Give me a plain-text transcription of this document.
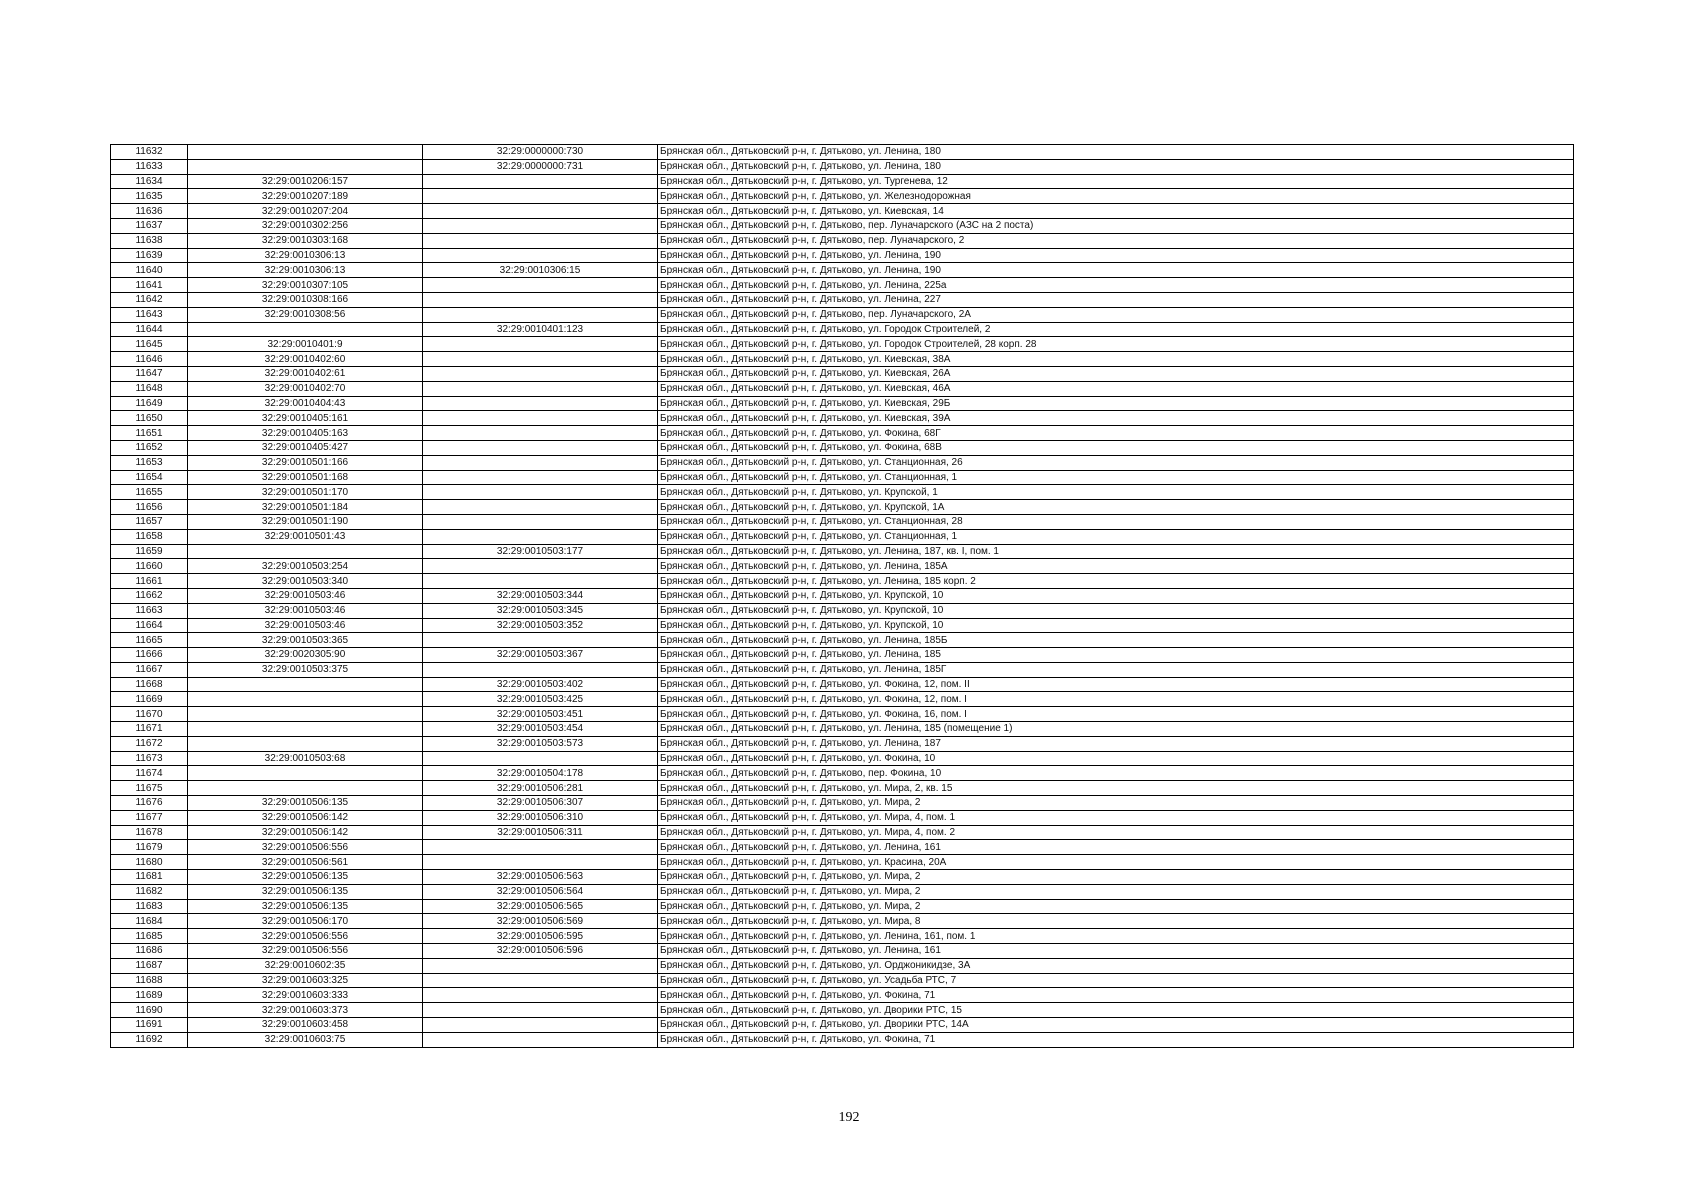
11632		32:29:0000000:730	Брянская обл., Дятьковский р-н, г. Дятьково, ул. Ленина, 180
11633		32:29:0000000:731	Брянская обл., Дятьковский р-н, г. Дятьково, ул. Ленина, 180
11634	32:29:0010206:157		Брянская обл., Дятьковский р-н, г. Дятьково, ул. Тургенева, 12
11635	32:29:0010207:189		Брянская обл., Дятьковский р-н, г. Дятьково, ул. Железнодорожная
11636	32:29:0010207:204		Брянская обл., Дятьковский р-н, г. Дятьково, ул. Киевская, 14
11637	32:29:0010302:256		Брянская обл., Дятьковский р-н, г. Дятьково, пер. Луначарского (АЗС на 2 поста)
11638	32:29:0010303:168		Брянская обл., Дятьковский р-н, г. Дятьково, пер. Луначарского, 2
11639	32:29:0010306:13		Брянская обл., Дятьковский р-н, г. Дятьково, ул. Ленина, 190
11640	32:29:0010306:13	32:29:0010306:15	Брянская обл., Дятьковский р-н, г. Дятьково, ул. Ленина, 190
11641	32:29:0010307:105		Брянская обл., Дятьковский р-н, г. Дятьково, ул. Ленина, 225а
11642	32:29:0010308:166		Брянская обл., Дятьковский р-н, г. Дятьково, ул. Ленина, 227
11643	32:29:0010308:56		Брянская обл., Дятьковский р-н, г. Дятьково, пер. Луначарского, 2А
11644		32:29:0010401:123	Брянская обл., Дятьковский р-н, г. Дятьково, ул. Городок Строителей, 2
11645	32:29:0010401:9		Брянская обл., Дятьковский р-н, г. Дятьково, ул. Городок Строителей, 28 корп. 28
11646	32:29:0010402:60		Брянская обл., Дятьковский р-н, г. Дятьково, ул. Киевская, 38А
11647	32:29:0010402:61		Брянская обл., Дятьковский р-н, г. Дятьково, ул. Киевская, 26А
11648	32:29:0010402:70		Брянская обл., Дятьковский р-н, г. Дятьково, ул. Киевская, 46А
11649	32:29:0010404:43		Брянская обл., Дятьковский р-н, г. Дятьково, ул. Киевская, 29Б
11650	32:29:0010405:161		Брянская обл., Дятьковский р-н, г. Дятьково, ул. Киевская, 39А
11651	32:29:0010405:163		Брянская обл., Дятьковский р-н, г. Дятьково, ул. Фокина, 68Г
11652	32:29:0010405:427		Брянская обл., Дятьковский р-н, г. Дятьково, ул. Фокина, 68В
11653	32:29:0010501:166		Брянская обл., Дятьковский р-н, г. Дятьково, ул. Станционная, 26
11654	32:29:0010501:168		Брянская обл., Дятьковский р-н, г. Дятьково, ул. Станционная, 1
11655	32:29:0010501:170		Брянская обл., Дятьковский р-н, г. Дятьково, ул. Крупской, 1
11656	32:29:0010501:184		Брянская обл., Дятьковский р-н, г. Дятьково, ул. Крупской, 1А
11657	32:29:0010501:190		Брянская обл., Дятьковский р-н, г. Дятьково, ул. Станционная, 28
11658	32:29:0010501:43		Брянская обл., Дятьковский р-н, г. Дятьково, ул. Станционная, 1
11659		32:29:0010503:177	Брянская обл., Дятьковский р-н, г. Дятьково, ул. Ленина, 187, кв. I, пом. 1
11660	32:29:0010503:254		Брянская обл., Дятьковский р-н, г. Дятьково, ул. Ленина, 185А
11661	32:29:0010503:340		Брянская обл., Дятьковский р-н, г. Дятьково, ул. Ленина, 185 корп. 2
11662	32:29:0010503:46	32:29:0010503:344	Брянская обл., Дятьковский р-н, г. Дятьково, ул. Крупской, 10
11663	32:29:0010503:46	32:29:0010503:345	Брянская обл., Дятьковский р-н, г. Дятьково, ул. Крупской, 10
11664	32:29:0010503:46	32:29:0010503:352	Брянская обл., Дятьковский р-н, г. Дятьково, ул. Крупской, 10
11665	32:29:0010503:365		Брянская обл., Дятьковский р-н, г. Дятьково, ул. Ленина, 185Б
11666	32:29:0020305:90	32:29:0010503:367	Брянская обл., Дятьковский р-н, г. Дятьково, ул. Ленина, 185
11667	32:29:0010503:375		Брянская обл., Дятьковский р-н, г. Дятьково, ул. Ленина, 185Г
11668		32:29:0010503:402	Брянская обл., Дятьковский р-н, г. Дятьково, ул. Фокина, 12, пом. II
11669		32:29:0010503:425	Брянская обл., Дятьковский р-н, г. Дятьково, ул. Фокина, 12, пом. I
11670		32:29:0010503:451	Брянская обл., Дятьковский р-н, г. Дятьково, ул. Фокина, 16, пом. I
11671		32:29:0010503:454	Брянская обл., Дятьковский р-н, г. Дятьково, ул. Ленина, 185 (помещение 1)
11672		32:29:0010503:573	Брянская обл., Дятьковский р-н, г. Дятьково, ул. Ленина, 187
11673	32:29:0010503:68		Брянская обл., Дятьковский р-н, г. Дятьково, ул. Фокина, 10
11674		32:29:0010504:178	Брянская обл., Дятьковский р-н, г. Дятьково, пер. Фокина, 10
11675		32:29:0010506:281	Брянская обл., Дятьковский р-н, г. Дятьково, ул. Мира, 2, кв. 15
11676	32:29:0010506:135	32:29:0010506:307	Брянская обл., Дятьковский р-н, г. Дятьково, ул. Мира, 2
11677	32:29:0010506:142	32:29:0010506:310	Брянская обл., Дятьковский р-н, г. Дятьково, ул. Мира, 4, пом. 1
11678	32:29:0010506:142	32:29:0010506:311	Брянская обл., Дятьковский р-н, г. Дятьково, ул. Мира, 4, пом. 2
11679	32:29:0010506:556		Брянская обл., Дятьковский р-н, г. Дятьково, ул. Ленина, 161
11680	32:29:0010506:561		Брянская обл., Дятьковский р-н, г. Дятьково, ул. Красина, 20А
11681	32:29:0010506:135	32:29:0010506:563	Брянская обл., Дятьковский р-н, г. Дятьково, ул. Мира, 2
11682	32:29:0010506:135	32:29:0010506:564	Брянская обл., Дятьковский р-н, г. Дятьково, ул. Мира, 2
11683	32:29:0010506:135	32:29:0010506:565	Брянская обл., Дятьковский р-н, г. Дятьково, ул. Мира, 2
11684	32:29:0010506:170	32:29:0010506:569	Брянская обл., Дятьковский р-н, г. Дятьково, ул. Мира, 8
11685	32:29:0010506:556	32:29:0010506:595	Брянская обл., Дятьковский р-н, г. Дятьково, ул. Ленина, 161, пом. 1
11686	32:29:0010506:556	32:29:0010506:596	Брянская обл., Дятьковский р-н, г. Дятьково, ул. Ленина, 161
11687	32:29:0010602:35		Брянская обл., Дятьковский р-н, г. Дятьково, ул. Орджоникидзе, 3А
11688	32:29:0010603:325		Брянская обл., Дятьковский р-н, г. Дятьково, ул. Усадьба РТС, 7
11689	32:29:0010603:333		Брянская обл., Дятьковский р-н, г. Дятьково, ул. Фокина, 71
11690	32:29:0010603:373		Брянская обл., Дятьковский р-н, г. Дятьково, ул. Дворики РТС, 15
11691	32:29:0010603:458		Брянская обл., Дятьковский р-н, г. Дятьково, ул. Дворики РТС, 14А
11692	32:29:0010603:75		Брянская обл., Дятьковский р-н, г. Дятьково, ул. Фокина, 71
192
